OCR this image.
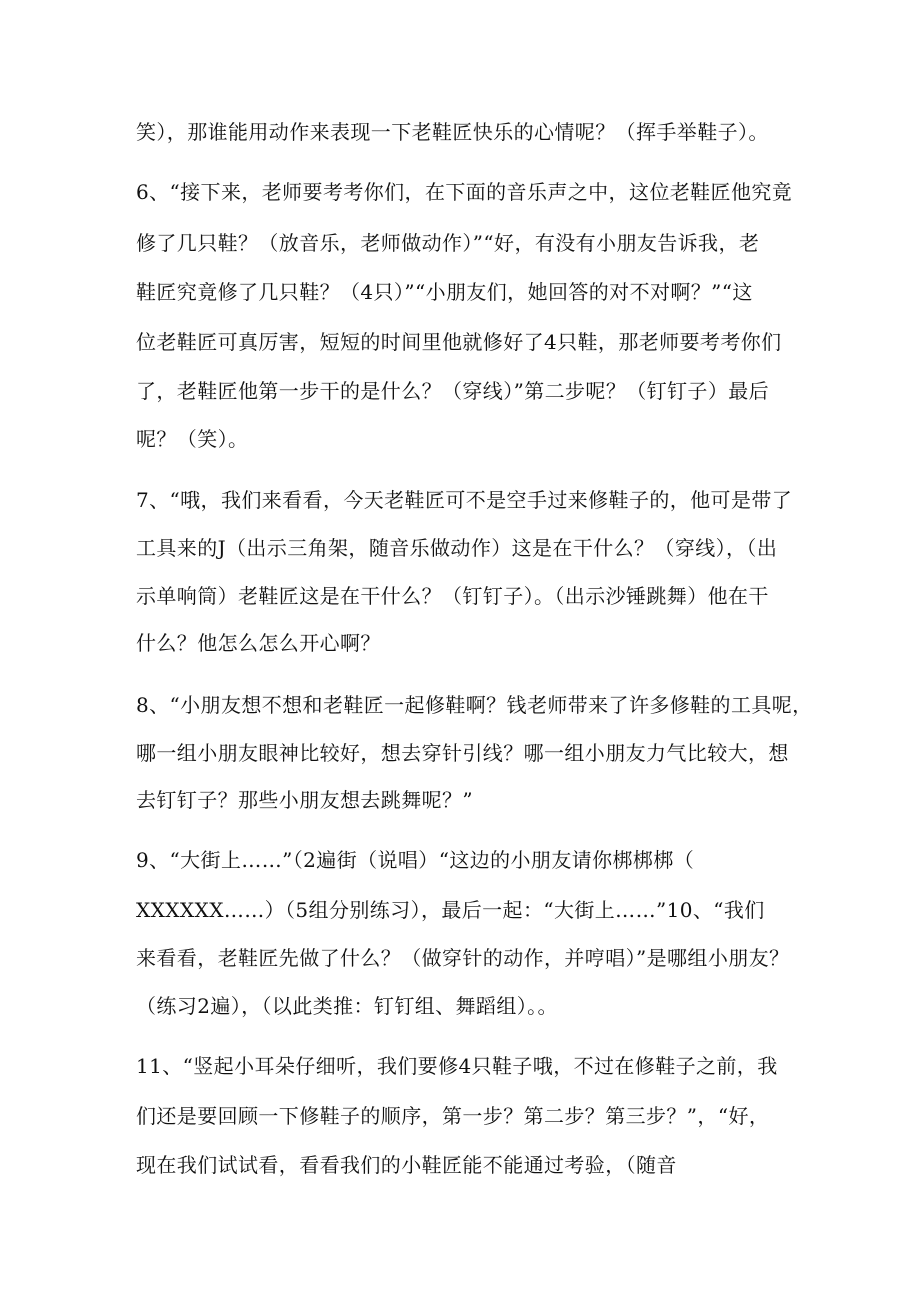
笑），那谁能用动作来表现一下老鞋匠快乐的心情呢？（挥手举鞋子）。
6、“接下来，老师要考考你们，在下面的音乐声之中，这位老鞋匠他究竟
修了几只鞋？（放音乐，老师做动作）”“好，有没有小朋友告诉我，老
鞋匠究竟修了几只鞋？（4只）”“小朋友们，她回答的对不对啊？”“这
位老鞋匠可真厉害，短短的时间里他就修好了4只鞋，那老师要考考你们
了，老鞋匠他第一步干的是什么？（穿线）”第二步呢？（钉钉子）最后
呢？（笑）。
7、“哦，我们来看看，今天老鞋匠可不是空手过来修鞋子的，他可是带了
工具来的J（出示三角架，随音乐做动作）这是在干什么？（穿线），（出
示单响筒）老鞋匠这是在干什么？（钉钉子）。（出示沙锤跳舞）他在干
什么？他怎么怎么开心啊？
8、“小朋友想不想和老鞋匠一起修鞋啊？钱老师带来了许多修鞋的工具呢，
哪一组小朋友眼神比较好，想去穿针引线？哪一组小朋友力气比较大，想
去钉钉子？那些小朋友想去跳舞呢？”
9、“大街上……”（2遍街（说唱）“这边的小朋友请你梆梆梆（
XXXXXX……）（5组分别练习），最后一起：“大街上……”10、“我们
来看看，老鞋匠先做了什么？（做穿针的动作，并哼唱）”是哪组小朋友？
（练习2遍），（以此类推：钉钉组、舞蹈组）。。
11、“竖起小耳朵仔细听，我们要修4只鞋子哦，不过在修鞋子之前，我
们还是要回顾一下修鞋子的顺序，第一步？第二步？第三步？”，“好，
现在我们试试看，看看我们的小鞋匠能不能通过考验，（随音
